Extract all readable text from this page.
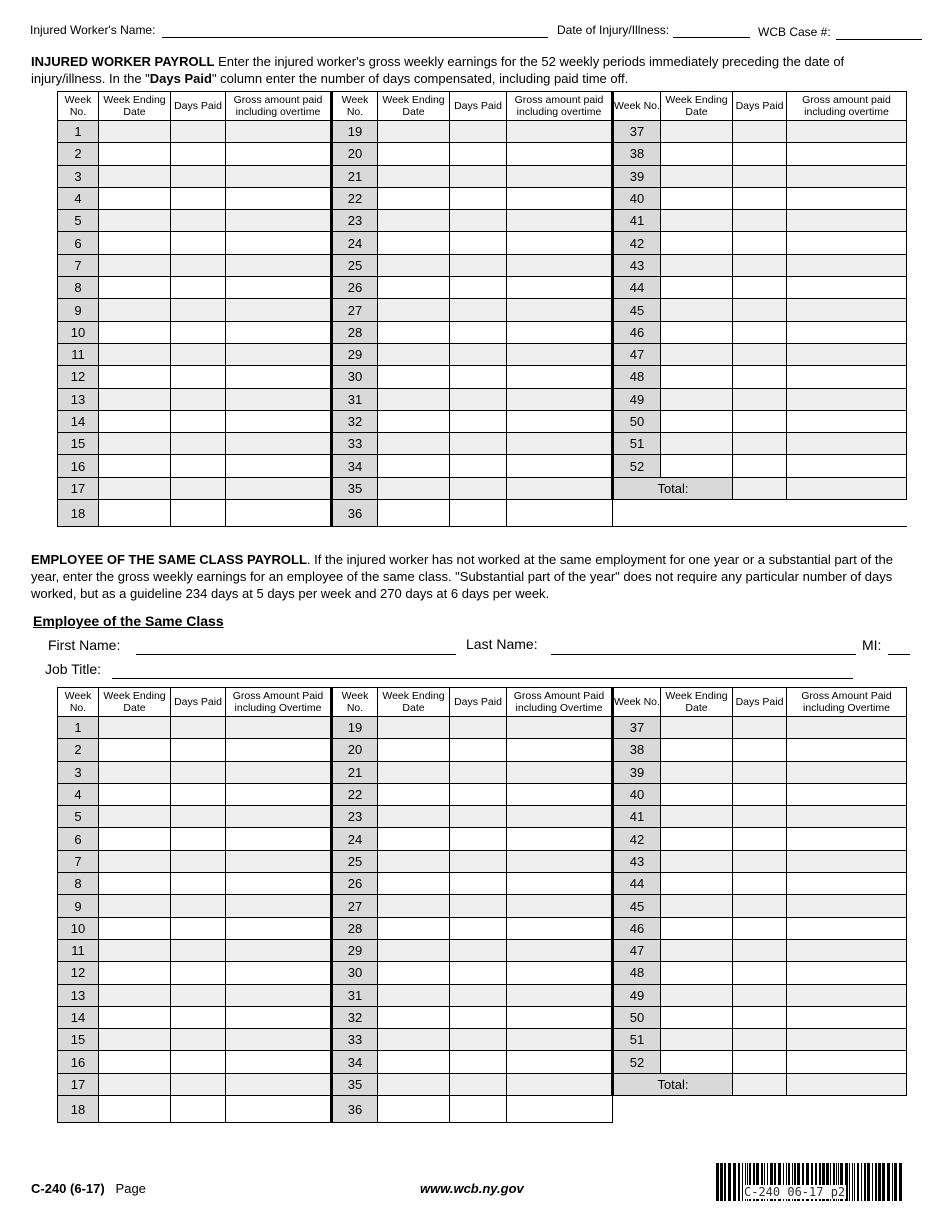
Injured Worker's Name:	Date of Injury/Illness:	WCB Case #:
INJURED WORKER PAYROLL Enter the injured worker's gross weekly earnings for the 52 weekly periods immediately preceding the date of injury/illness. In the "Days Paid" column enter the number of days compensated, including paid time off.
Week No.	Week Ending Date	Days Paid	Gross amount paid including overtime	Week No.	Week Ending Date	Days Paid	Gross amount paid including overtime	Week No.	Week Ending Date	Days Paid	Gross amount paid including overtime
1				19				37			
2				20				38			
3				21				39			
4				22				40			
5				23				41			
6				24				42			
7				25				43			
8				26				44			
9				27				45			
10				28				46			
11				29				47			
12				30				48			
13				31				49			
14				32				50			
15				33				51			
16				34				52			
17				35				Total:			
18				36							
EMPLOYEE OF THE SAME CLASS PAYROLL. If the injured worker has not worked at the same employment for one year or a substantial part of the year, enter the gross weekly earnings for an employee of the same class. "Substantial part of the year" does not require any particular number of days worked, but as a guideline 234 days at 5 days per week and 270 days at 6 days per week.
Employee of the Same Class
First Name:	Last Name:	MI:
Job Title:
Week No.	Week Ending Date	Days Paid	Gross Amount Paid including Overtime	Week No.	Week Ending Date	Days Paid	Gross Amount Paid including Overtime	Week No.	Week Ending Date	Days Paid	Gross Amount Paid including Overtime
1				19				37			
2				20				38			
3				21				39			
4				22				40			
5				23				41			
6				24				42			
7				25				43			
8				26				44			
9				27				45			
10				28				46			
11				29				47			
12				30				48			
13				31				49			
14				32				50			
15				33				51			
16				34				52			
17				35				Total:			
18				36							
C-240 (6-17) Page	www.wcb.ny.gov	C-240 06-17 p2
